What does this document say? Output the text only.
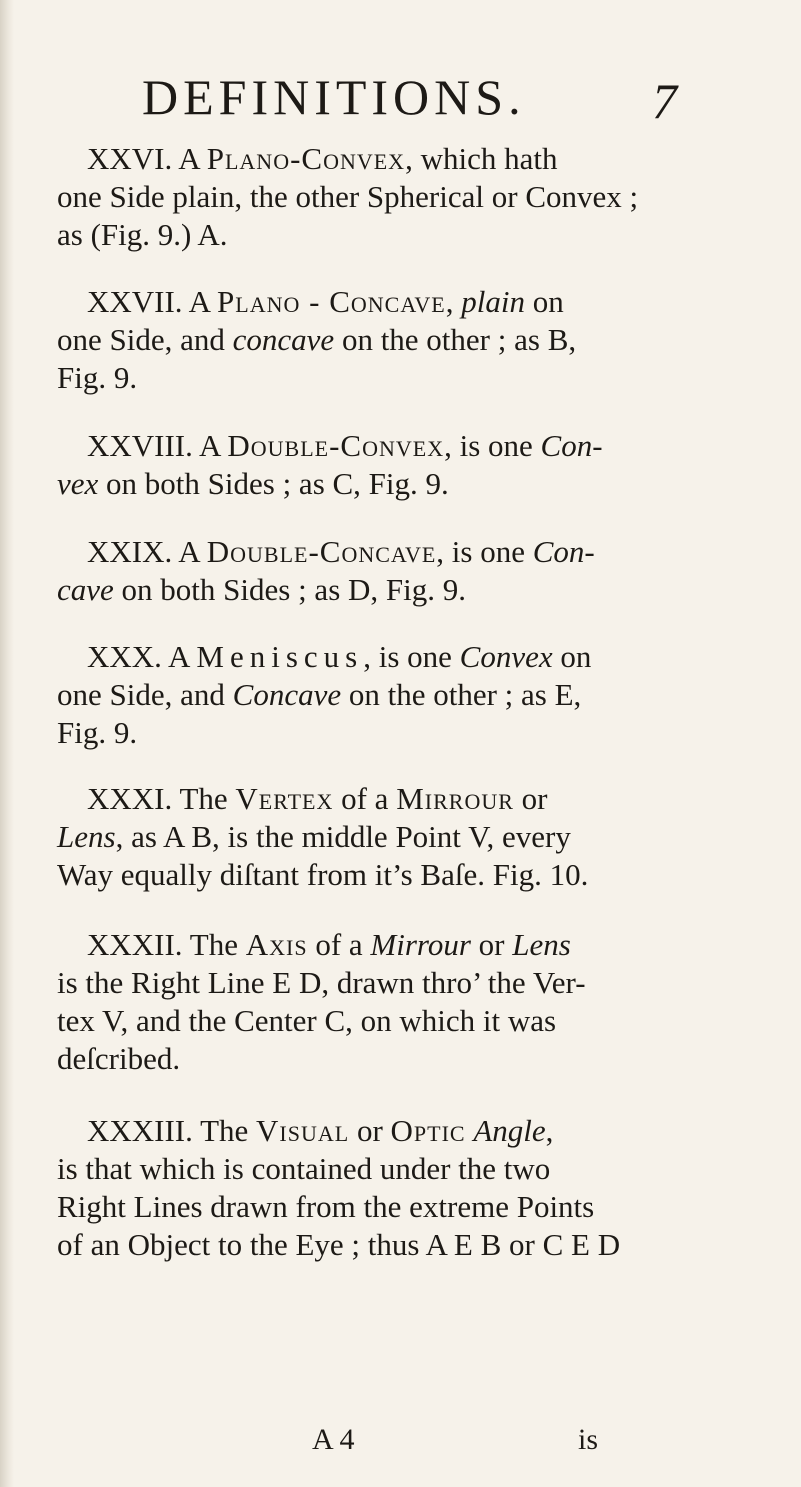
DEFINITIONS.	7
XXVI. A Plano-Convex, which hath
one Side plain, the other Spherical or Convex ;
as (Fig. 9.) A.
XXVII. A Plano - Concave, plain on
one Side, and concave on the other ; as B,
Fig. 9.
XXVIII. A Double-Convex, is one Con-
vex on both Sides ; as C, Fig. 9.
XXIX. A Double-Concave, is one Con-
cave on both Sides ; as D, Fig. 9.
XXX. A Meniscus, is one Convex on
one Side, and Concave on the other ; as E,
Fig. 9.
XXXI. The Vertex of a Mirrour or
Lens, as A B, is the middle Point V, every
Way equally diſtant from it’s Baſe. Fig. 10.
XXXII. The Axis of a Mirrour or Lens
is the Right Line E D, drawn thro’ the Ver-
tex V, and the Center C, on which it was
deſcribed.
XXXIII. The Visual or Optic Angle,
is that which is contained under the two
Right Lines drawn from the extreme Points
of an Object to the Eye ; thus A E B or C E D
A 4	is
